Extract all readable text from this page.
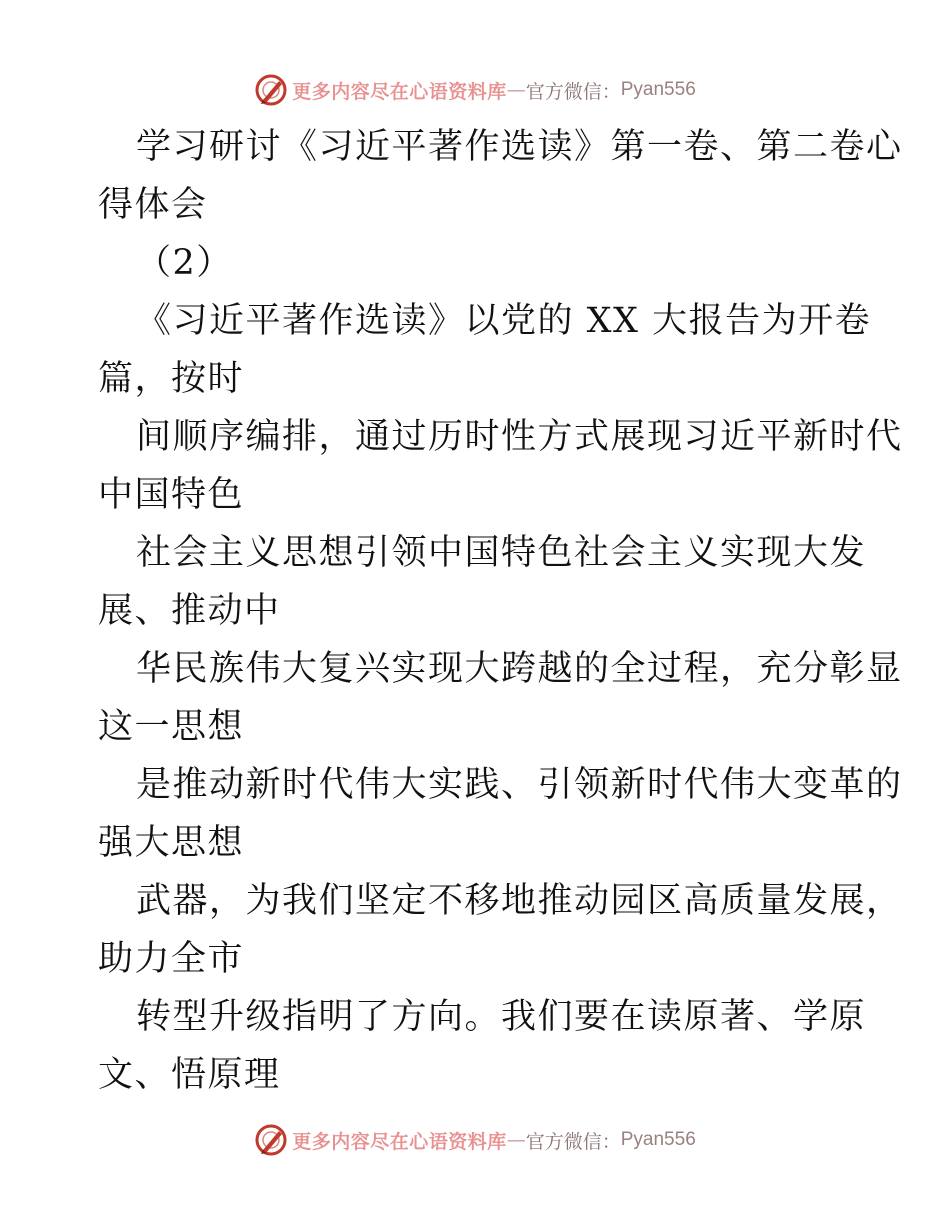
更多内容尽在心语资料库 — 官方微信： Pyan556
学习研讨《习近平著作选读》第一卷、第二卷心
得体会
（2）
《习近平著作选读》以党的 XX 大报告为开卷
篇，按时
间顺序编排，通过历时性方式展现习近平新时代
中国特色
社会主义思想引领中国特色社会主义实现大发
展、推动中
华民族伟大复兴实现大跨越的全过程，充分彰显
这一思想
是推动新时代伟大实践、引领新时代伟大变革的
强大思想
武器，为我们坚定不移地推动园区高质量发展，
助力全市
转型升级指明了方向。我们要在读原著、学原
文、悟原理
更多内容尽在心语资料库 — 官方微信： Pyan556
